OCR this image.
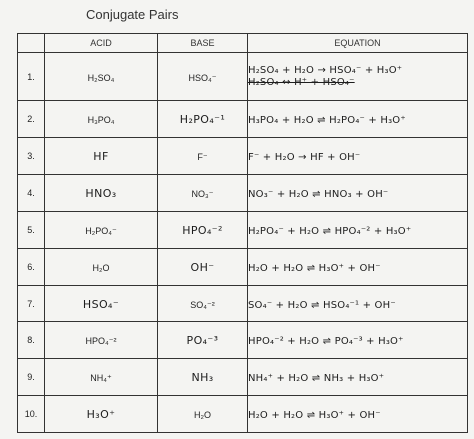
Conjugate Pairs
	ACID	BASE	EQUATION
1.	H₂SO₄	HSO₄⁻	H₂SO₄ + H₂O → HSO₄⁻ + H₃O⁺
H₂SO₄ ↔ H⁺ + HSO₄⁻

2.	H₃PO₄	H₂PO₄⁻¹	H₃PO₄ + H₂O ⇌ H₂PO₄⁻ + H₃O⁺
3.	HF	F⁻	F⁻ + H₂O → HF + OH⁻
4.	HNO₃	NO₃⁻	NO₃⁻ + H₂O ⇌ HNO₃ + OH⁻
5.	H₂PO₄⁻	HPO₄⁻²	H₂PO₄⁻ + H₂O ⇌ HPO₄⁻² + H₃O⁺
6.	H₂O	OH⁻	H₂O + H₂O ⇌ H₃O⁺ + OH⁻
7.	HSO₄⁻	SO₄⁻²	SO₄⁻ + H₂O ⇌ HSO₄⁻¹ + OH⁻
8.	HPO₄⁻²	PO₄⁻³	HPO₄⁻² + H₂O ⇌ PO₄⁻³ + H₃O⁺
9.	NH₄⁺	NH₃	NH₄⁺ + H₂O ⇌ NH₃ + H₃O⁺
10.	H₃O⁺	H₂O	H₂O + H₂O ⇌ H₃O⁺ + OH⁻
